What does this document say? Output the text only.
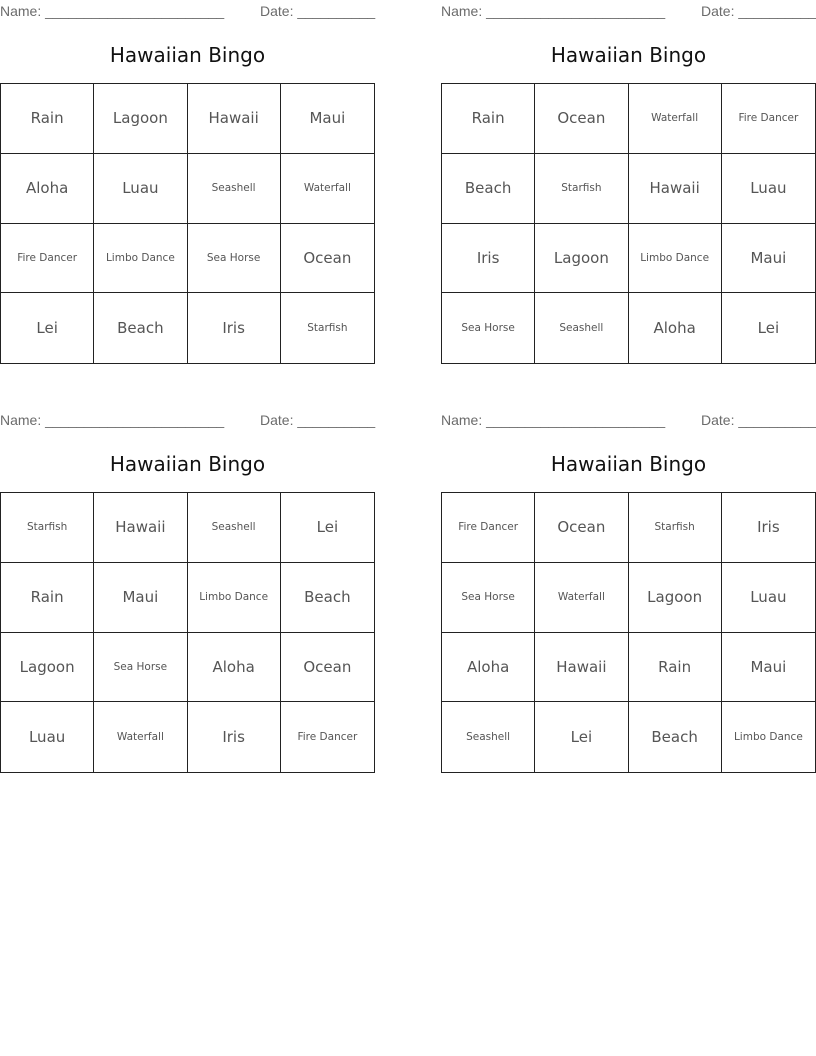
Name: _______________________	Date: __________
Hawaiian Bingo
Rain	Lagoon	Hawaii	Maui
Aloha	Luau	Seashell	Waterfall
Fire Dancer	Limbo Dance	Sea Horse	Ocean
Lei	Beach	Iris	Starfish
Name: _______________________	Date: __________
Hawaiian Bingo
Rain	Ocean	Waterfall	Fire Dancer
Beach	Starfish	Hawaii	Luau
Iris	Lagoon	Limbo Dance	Maui
Sea Horse	Seashell	Aloha	Lei
Name: _______________________	Date: __________
Hawaiian Bingo
Starfish	Hawaii	Seashell	Lei
Rain	Maui	Limbo Dance	Beach
Lagoon	Sea Horse	Aloha	Ocean
Luau	Waterfall	Iris	Fire Dancer
Name: _______________________	Date: __________
Hawaiian Bingo
Fire Dancer	Ocean	Starfish	Iris
Sea Horse	Waterfall	Lagoon	Luau
Aloha	Hawaii	Rain	Maui
Seashell	Lei	Beach	Limbo Dance
